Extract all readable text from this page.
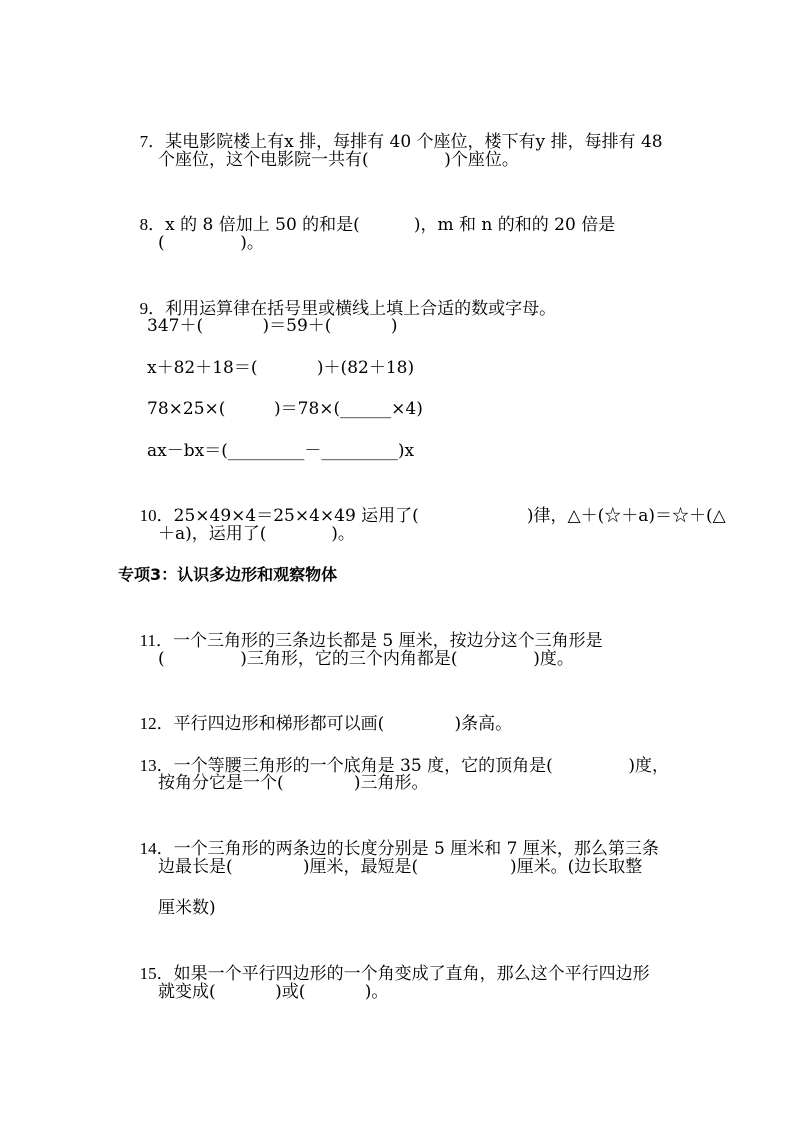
7．某电影院楼上有x 排，每排有 40 个座位，楼下有y 排，每排有 48

个座位，这个电影院一共有(              )个座位。

8．x 的 8 倍加上 50 的和是(          )，m 和 n 的和的 20 倍是

(              )。

9．利用运算律在括号里或横线上填上合适的数或字母。

347＋(           )＝59＋(           )
x＋82＋18＝(           )＋(82＋18)
78×25×(         )＝78×(______×4)
ax－bx＝(_________－_________)x

10．25×49×4＝25×4×49 运用了(                    )律，△＋(☆＋a)＝☆＋(△

＋a)，运用了(            )。
专项3：认识多边形和观察物体

11．一个三角形的三条边长都是 5 厘米，按边分这个三角形是

(              )三角形，它的三个内角都是(              )度。

12．平行四边形和梯形都可以画(             )条高。

13．一个等腰三角形的一个底角是 35 度，它的顶角是(              )度，

按角分它是一个(             )三角形。

14．一个三角形的两条边的长度分别是 5 厘米和 7 厘米，那么第三条

边最长是(             )厘米，最短是(                 )厘米。(边长取整
厘米数)

15．如果一个平行四边形的一个角变成了直角，那么这个平行四边形

就变成(           )或(           )。
